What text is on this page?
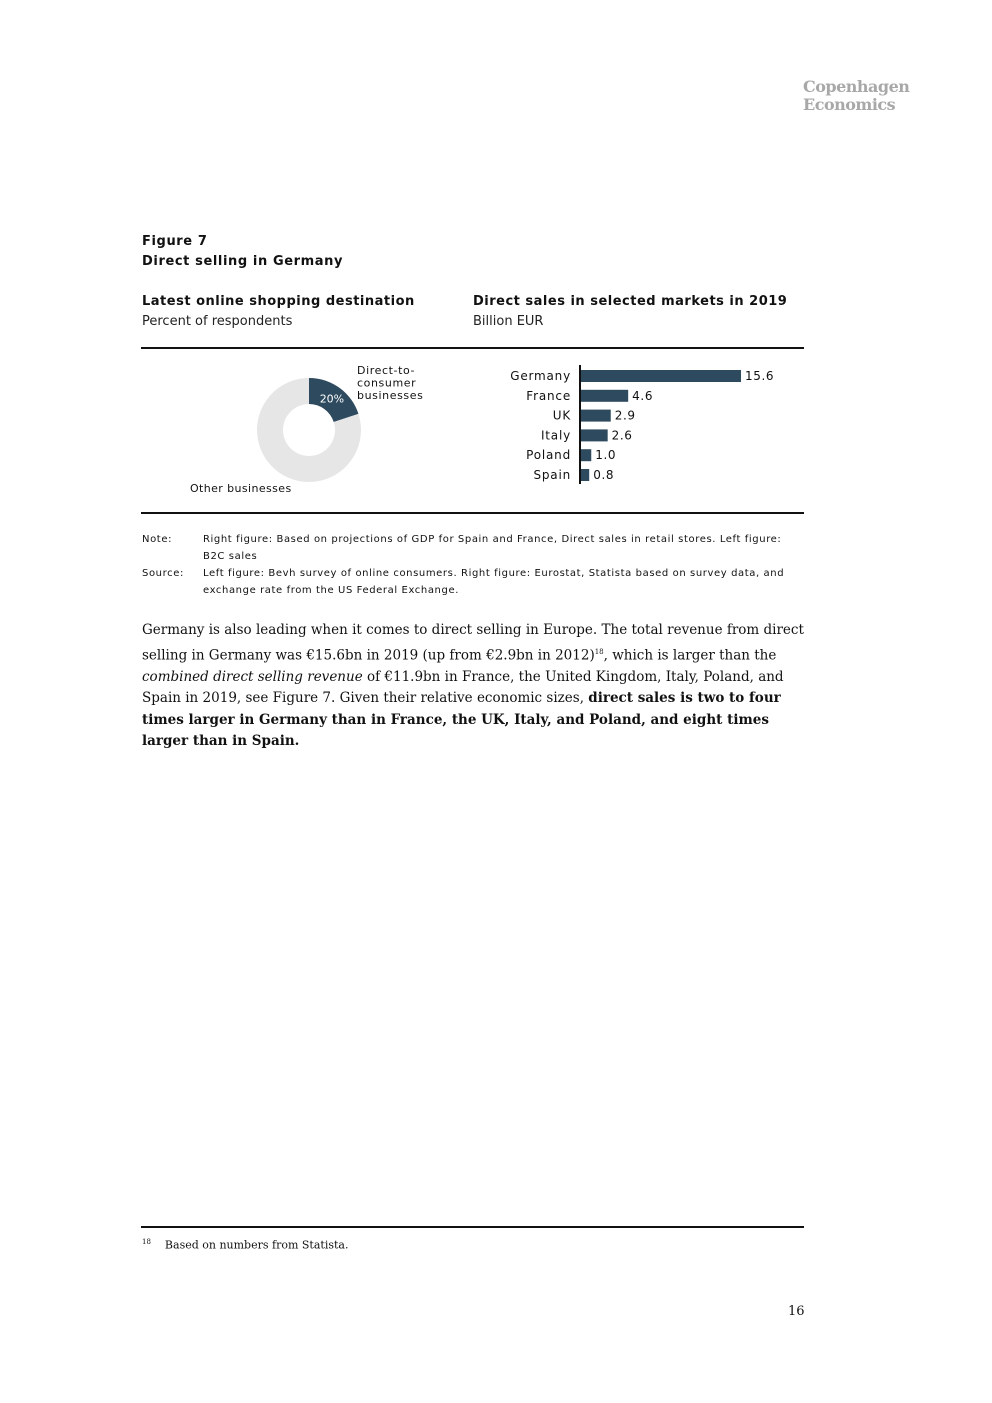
Copenhagen
Economics
Figure 7
Direct selling in Germany
Latest online shopping destination
Percent of respondents
Direct sales in selected markets in 2019
Billion EUR
20%
Direct-to-
consumer
businesses
Other businesses
Germany	15.6
France	4.6
UK	2.9
Italy	2.6
Poland 1.0
Spain 0.8
Note:	Right figure: Based on projections of GDP for Spain and France, Direct sales in retail stores. Left figure: B2C sales
Source:	Left figure: Bevh survey of online consumers. Right figure: Eurostat, Statista based on survey data, and exchange rate from the US Federal Exchange.
Germany is also leading when it comes to direct selling in Europe. The total revenue from direct selling in Germany was €15.6bn in 2019 (up from €2.9bn in 2012)$^{18}$, which is larger than the combined direct selling revenue of €11.9bn in France, the United Kingdom, Italy, Poland, and Spain in 2019, see Figure 7. Given their relative economic sizes, direct sales is two to four times larger in Germany than in France, the UK, Italy, and Poland, and eight times larger than in Spain.
$^{18}$ Based on numbers from Statista.
16
